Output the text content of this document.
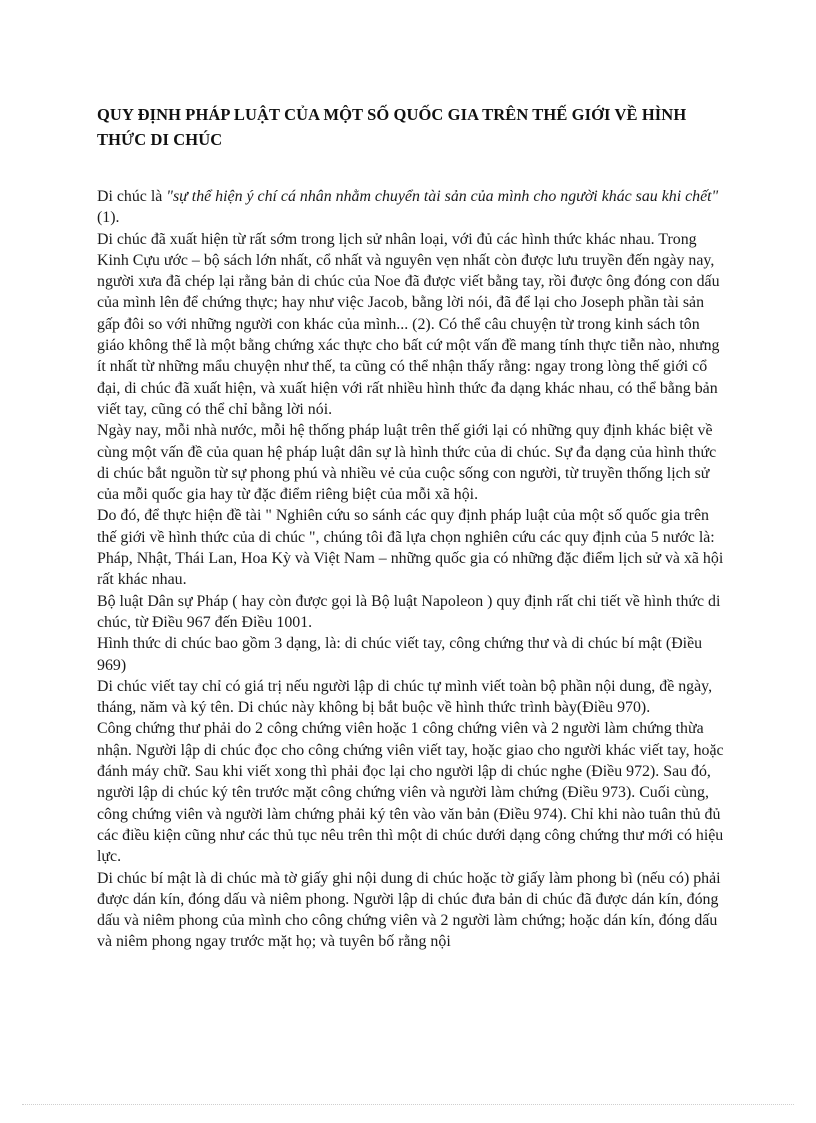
QUY ĐỊNH PHÁP LUẬT CỦA MỘT SỐ QUỐC GIA TRÊN THẾ GIỚI VỀ HÌNH THỨC DI CHÚC

Di chúc là "sự thể hiện ý chí cá nhân nhằm chuyển tài sản của mình cho người khác sau khi chết" (1).

Di chúc đã xuất hiện từ rất sớm trong lịch sử nhân loại, với đủ các hình thức khác nhau. Trong Kinh Cựu ước – bộ sách lớn nhất, cổ nhất và nguyên vẹn nhất còn được lưu truyền đến ngày nay, người xưa đã chép lại rằng bản di chúc của Noe đã được viết bằng tay, rồi được ông đóng con dấu của mình lên để chứng thực; hay như việc Jacob, bằng lời nói, đã để lại cho Joseph phần tài sản gấp đôi so với những người con khác của mình... (2). Có thể câu chuyện từ trong kinh sách tôn giáo không thể là một bằng chứng xác thực cho bất cứ một vấn đề mang tính thực tiễn nào, nhưng ít nhất từ những mẩu chuyện như thế, ta cũng có thể nhận thấy rằng: ngay trong lòng thế giới cổ đại, di chúc đã xuất hiện, và xuất hiện với rất nhiều hình thức đa dạng khác nhau, có thể bằng bản viết tay, cũng có thể chỉ bằng lời nói.

Ngày nay, mỗi nhà nước, mỗi hệ thống pháp luật trên thế giới lại có những quy định khác biệt về cùng một vấn đề của quan hệ pháp luật dân sự là hình thức của di chúc. Sự đa dạng của hình thức di chúc bắt nguồn từ sự phong phú và nhiều vẻ của cuộc sống con người, từ truyền thống lịch sử của mỗi quốc gia hay từ đặc điểm riêng biệt của mỗi xã hội.

Do đó, để thực hiện đề tài " Nghiên cứu so sánh các quy định pháp luật của một số quốc gia trên thế giới về hình thức của di chúc ", chúng tôi đã lựa chọn nghiên cứu các quy định của 5 nước là: Pháp, Nhật, Thái Lan, Hoa Kỳ và Việt Nam – những quốc gia có những đặc điểm lịch sử và xã hội rất khác nhau.

Bộ luật Dân sự Pháp ( hay còn được gọi là Bộ luật Napoleon ) quy định rất chi tiết về hình thức di chúc, từ Điều 967 đến Điều 1001.

Hình thức di chúc bao gồm 3 dạng, là: di chúc viết tay, công chứng thư và di chúc bí mật (Điều 969)

Di chúc viết tay chỉ có giá trị nếu người lập di chúc tự mình viết toàn bộ phần nội dung, đề ngày, tháng, năm và ký tên. Di chúc này không bị bắt buộc về hình thức trình bày(Điều 970).

Công chứng thư phải do 2 công chứng viên hoặc 1 công chứng viên và 2 người làm chứng thừa nhận. Người lập di chúc đọc cho công chứng viên viết tay, hoặc giao cho người khác viết tay, hoặc đánh máy chữ. Sau khi viết xong thì phải đọc lại cho người lập di chúc nghe (Điều 972). Sau đó, người lập di chúc ký tên trước mặt công chứng viên và người làm chứng (Điều 973). Cuối cùng, công chứng viên và người làm chứng phải ký tên vào văn bản (Điều 974). Chỉ khi nào tuân thủ đủ các điều kiện cũng như các thủ tục nêu trên thì một di chúc dưới dạng công chứng thư mới có hiệu lực.

Di chúc bí mật là di chúc mà tờ giấy ghi nội dung di chúc hoặc tờ giấy làm phong bì (nếu có) phải được dán kín, đóng dấu và niêm phong. Người lập di chúc đưa bản di chúc đã được dán kín, đóng dấu và niêm phong của mình cho công chứng viên và 2 người làm chứng; hoặc dán kín, đóng dấu và niêm phong ngay trước mặt họ; và tuyên bố rằng nội
